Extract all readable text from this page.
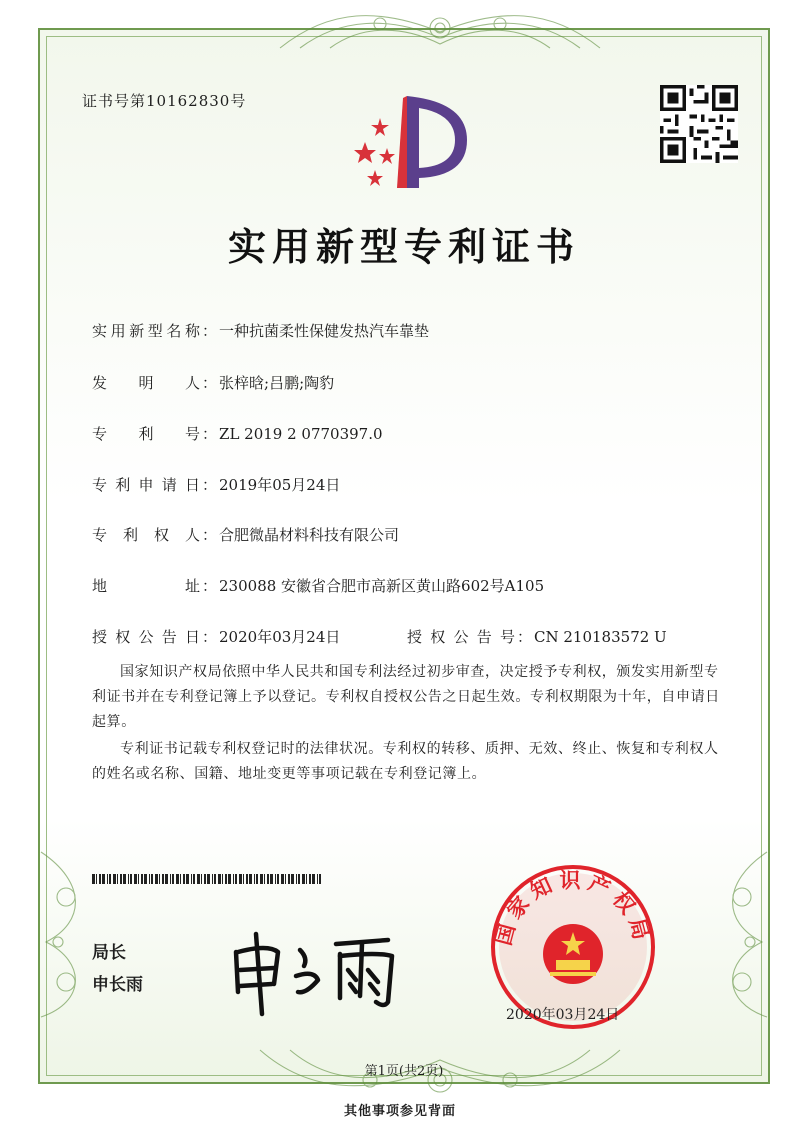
证书号第10162830号
实用新型专利证书
实用新型名称 ： 一种抗菌柔性保健发热汽车靠垫
发明人 ： 张梓晗;吕鹏;陶豹
专利号 ： ZL 2019 2 0770397.0
专利申请日 ： 2019年05月24日
专利权人 ： 合肥微晶材料科技有限公司
地址 ： 230088 安徽省合肥市高新区黄山路602号A105
授权公告日 ： 2020年03月24日	授权公告号 ： CN 210183572 U
国家知识产权局依照中华人民共和国专利法经过初步审查，决定授予专利权，颁发实用新型专利证书并在专利登记簿上予以登记。专利权自授权公告之日起生效。专利权期限为十年，自申请日起算。
专利证书记载专利权登记时的法律状况。专利权的转移、质押、无效、终止、恢复和专利权人的姓名或名称、国籍、地址变更等事项记载在专利登记簿上。
局长
申长雨
国家知识产权局
2020年03月24日
第1页(共2页)
其他事项参见背面
